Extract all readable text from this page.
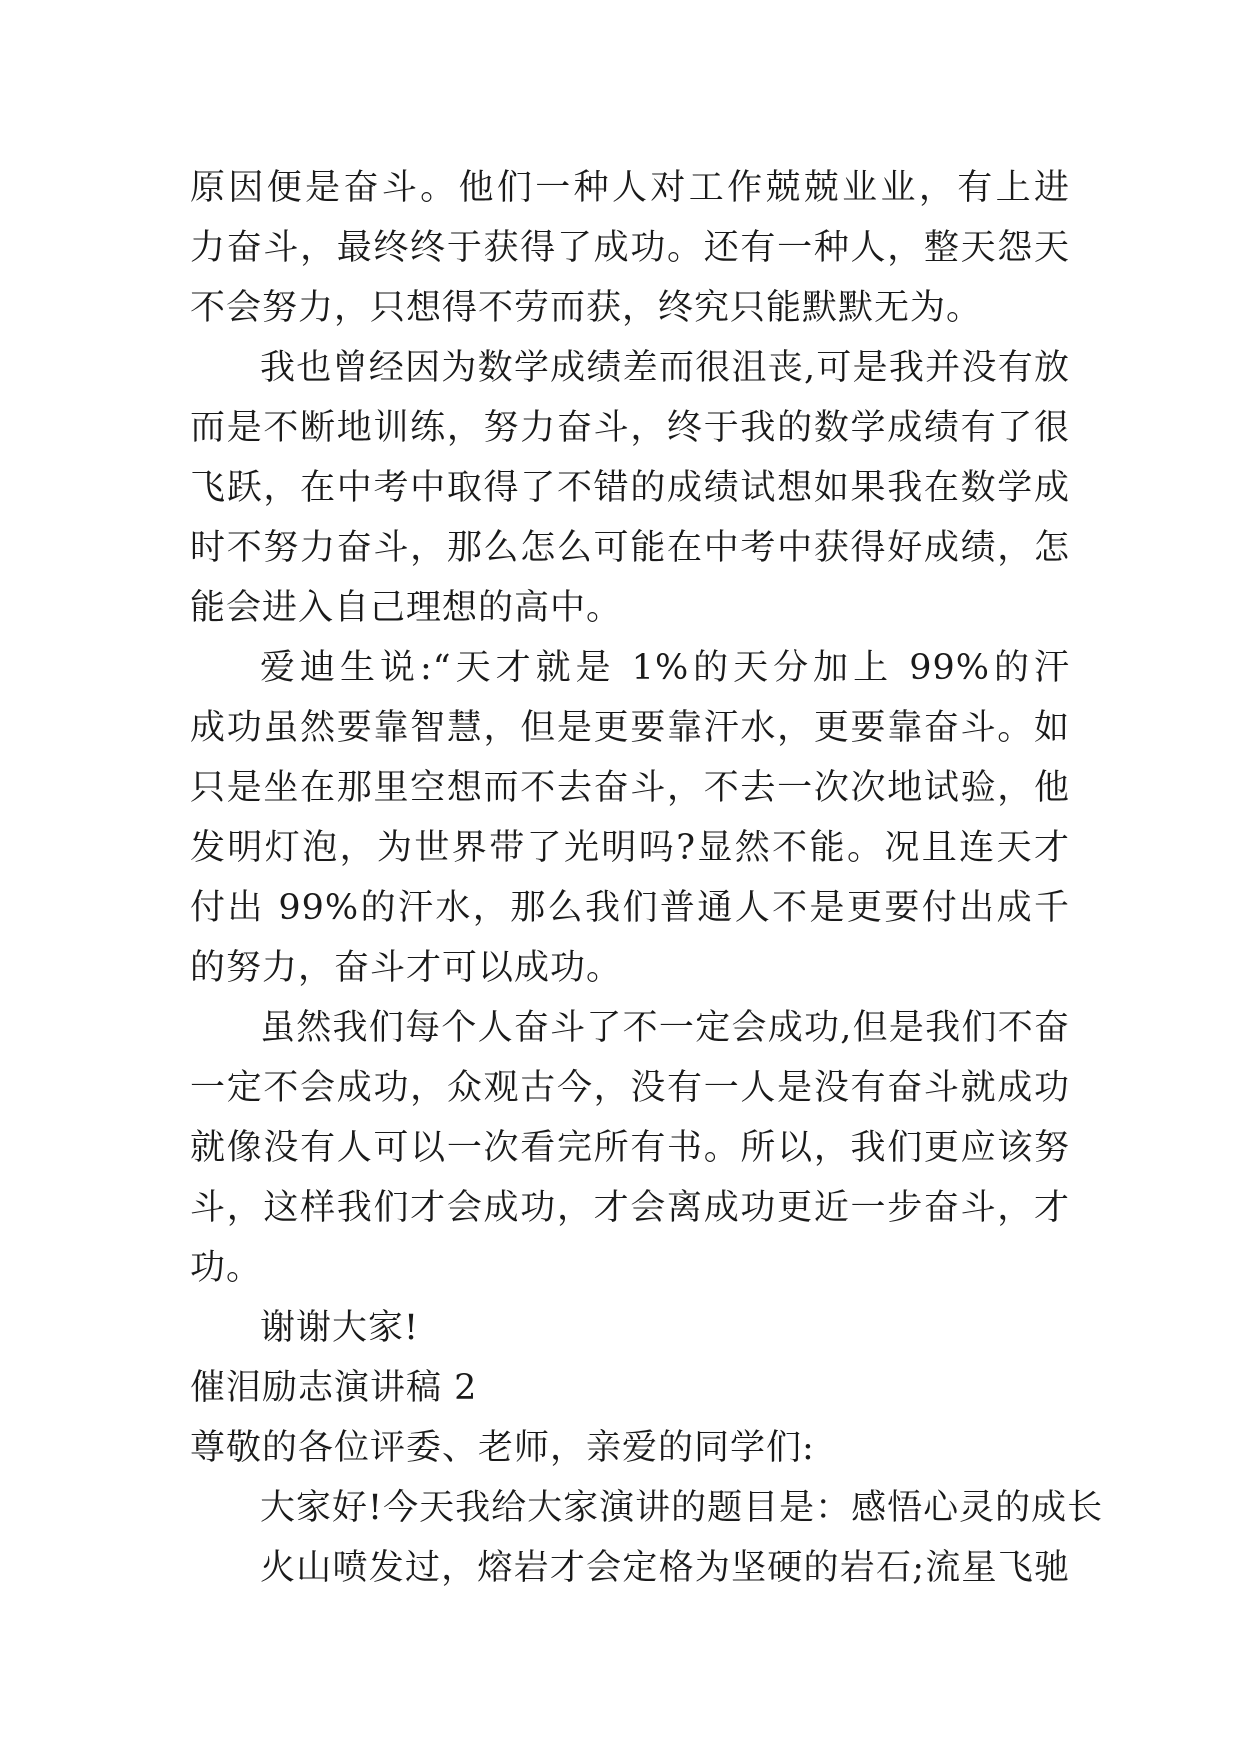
原因便是奋斗。他们一种人对工作兢兢业业，有上进
力奋斗，最终终于获得了成功。还有一种人，整天怨天
不会努力，只想得不劳而获，终究只能默默无为。
我也曾经因为数学成绩差而很沮丧,可是我并没有放
而是不断地训练，努力奋斗，终于我的数学成绩有了很
飞跃，在中考中取得了不错的成绩试想如果我在数学成
时不努力奋斗，那么怎么可能在中考中获得好成绩，怎
能会进入自己理想的高中。
爱迪生说:“天才就是 1%的天分加上 99%的汗
成功虽然要靠智慧，但是更要靠汗水，更要靠奋斗。如
只是坐在那里空想而不去奋斗，不去一次次地试验，他
发明灯泡，为世界带了光明吗?显然不能。况且连天才
付出 99%的汗水，那么我们普通人不是更要付出成千
的努力，奋斗才可以成功。
虽然我们每个人奋斗了不一定会成功,但是我们不奋
一定不会成功，众观古今，没有一人是没有奋斗就成功
就像没有人可以一次看完所有书。所以，我们更应该努
斗，这样我们才会成功，才会离成功更近一步奋斗，才
功。
谢谢大家!
催泪励志演讲稿 2
尊敬的各位评委、老师，亲爱的同学们:
大家好!今天我给大家演讲的题目是：感悟心灵的成长
火山喷发过，熔岩才会定格为坚硬的岩石;流星飞驰
